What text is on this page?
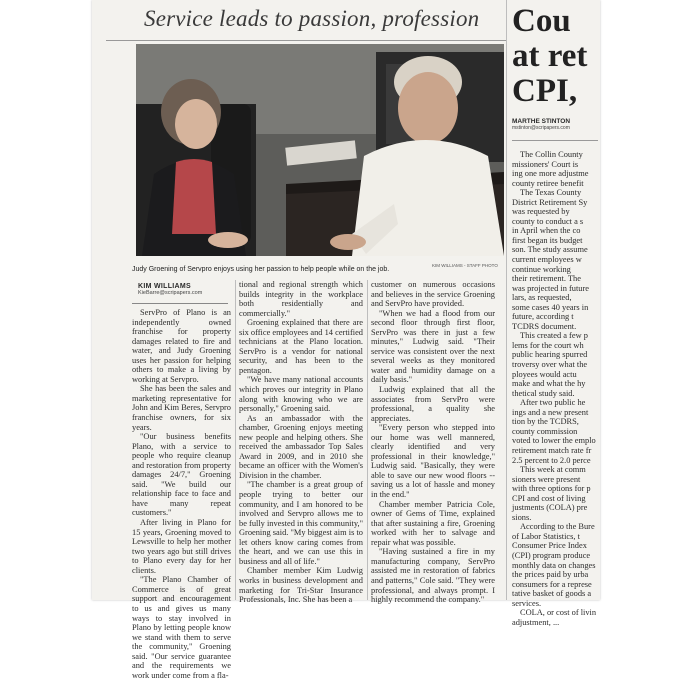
Service leads to passion, profession
KIM WILLIAMS - STAFF PHOTO
Judy Groening of Servpro enjoys using her passion to help people while on the job.
KIM WILLIAMS
KieBarre@scripapers.com

ServPro of Plano is an independently owned franchise for property damages related to fire and water, and Judy Groening uses her passion for helping others to make a living by working at Servpro.

She has been the sales and marketing representative for John and Kim Beres, Servpro franchise owners, for six years.

"Our business benefits Plano, with a service to people who require cleanup and restoration from property damages 24/7," Groening said. "We build our relationship face to face and have many repeat customers."

After living in Plano for 15 years, Groening moved to Lewsville to help her mother two years ago but still drives to Plano every day for her clients.

"The Plano Chamber of Commerce is of great support and encouragement to us and gives us many ways to stay involved in Plano by letting people know we stand with them to serve the community," Groening said. "Our service guarantee and the requirements we work under come from a fla-

tional and regional strength which builds integrity in the workplace both residentially and commercially."

Groening explained that there are six office employees and 14 certified technicians at the Plano location. ServPro is a vendor for national security, and has been to the pentagon.

"We have many national accounts which proves our integrity in Plano along with knowing who we are personally," Groening said.

As an ambassador with the chamber, Groening enjoys meeting new people and helping others. She received the ambassador Top Sales Award in 2009, and in 2010 she became an officer with the Women's Division in the chamber.

"The chamber is a great group of people trying to better our community, and I am honored to be involved and Servpro allows me to be fully invested in this community," Groening said. "My biggest aim is to let others know caring comes from the heart, and we can use this in business and all of life."

Chamber member Kim Ludwig works in business development and marketing for Tri-Star Insurance Professionals, Inc. She has been a

customer on numerous occasions and believes in the service Groening and ServPro have provided.

"When we had a flood from our second floor through first floor, ServPro was there in just a few minutes," Ludwig said. "Their service was consistent over the next several weeks as they monitored water and humidity damage on a daily basis."

Ludwig explained that all the associates from ServPro were professional, a quality she appreciates.

"Every person who stepped into our home was well mannered, clearly identified and very professional in their knowledge," Ludwig said. "Basically, they were able to save our new wood floors -- saving us a lot of hassle and money in the end."

Chamber member Patricia Cole, owner of Gems of Time, explained that after sustaining a fire, Groening worked with her to salvage and repair what was possible.

"Having sustained a fire in my manufacturing company, ServPro assisted me in restoration of fabrics and patterns," Cole said. "They were professional, and always prompt. I highly recommend the company."

Cou
at ret
CPI,
MARTHE STINTON
mstinton@scripapers.com

The Collin County

missioners' Court is

ing one more adjustme

county retiree benefit

The Texas County

District Retirement Sy

was requested by

county to conduct a s

in April when the co

first began its budget

son. The study assume

current employees w

continue working

their retirement. The

was projected in future

lars, as requested,

some cases 40 years in

future, according t

TCDRS document.

This created a few p

lems for the court wh

public hearing spurred

troversy over what the

ployees would actu

make and what the hy

thetical study said.

After two public he

ings and a new present

tion by the TCDRS,

county commission

voted to lower the emplo

retirement match rate fr

2.5 percent to 2.0 perce

This week at comm

sioners were present

with three options for p

CPI and cost of living

justments (COLA) pre

sions.

According to the Bure

of Labor Statistics, t

Consumer Price Index

(CPI) program produce

monthly data on changes

the prices paid by urba

consumers for a represe

tative basket of goods a

services.

COLA, or cost of livin

adjustment, ...
